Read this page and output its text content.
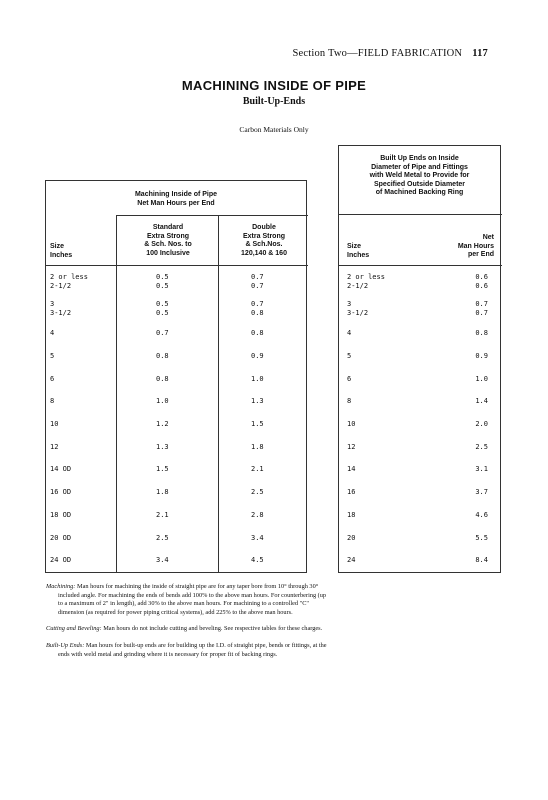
Section Two—FIELD FABRICATION 117
MACHINING INSIDE OF PIPE
Built-Up-Ends
Carbon Materials Only
Machining Inside of Pipe
Net Man Hours per End
Size
Inches
Standard
Extra Strong
& Sch. Nos. to
100 Inclusive
Double
Extra Strong
& Sch.Nos.
120,140 & 160
2 or less	0.5	0.7
2-1/2	0.5	0.7
3	0.5	0.7
3-1/2	0.5	0.8
4	0.7	0.8
5	0.8	0.9
6	0.8	1.0
8	1.0	1.3
10	1.2	1.5
12	1.3	1.8
14 OD	1.5	2.1
16 OD	1.8	2.5
18 OD	2.1	2.8
20 OD	2.5	3.4
24 OD	3.4	4.5
Built Up Ends on Inside
Diameter of Pipe and Fittings
with Weld Metal to Provide for
Specified Outside Diameter
of Machined Backing Ring
Size
Inches
Net
Man Hours
per End
2 or less	0.6
2-1/2	0.6
3	0.7
3-1/2	0.7
4	0.8
5	0.9
6	1.0
8	1.4
10	2.0
12	2.5
14	3.1
16	3.7
18	4.6
20	5.5
24	8.4

Machining: Man hours for machining the inside of straight pipe are for any taper bore from 10° through 30°
included angle. For machining the ends of bends add 100% to the above man hours. For counterbering (up
to a maximum of 2" in length), add 30% to the above man hours. For machining to a controlled "C"
dimension (as required for power piping critical systems), add 225% to the above man hours.

Cutting and Beveling: Man hours do not include cutting and beveling. See respective tables for these charges.

Built-Up Ends: Man hours for built-up ends are for building up the I.D. of straight pipe, bends or fittings, at the
ends with weld metal and grinding where it is necessary for proper fit of backing rings.
